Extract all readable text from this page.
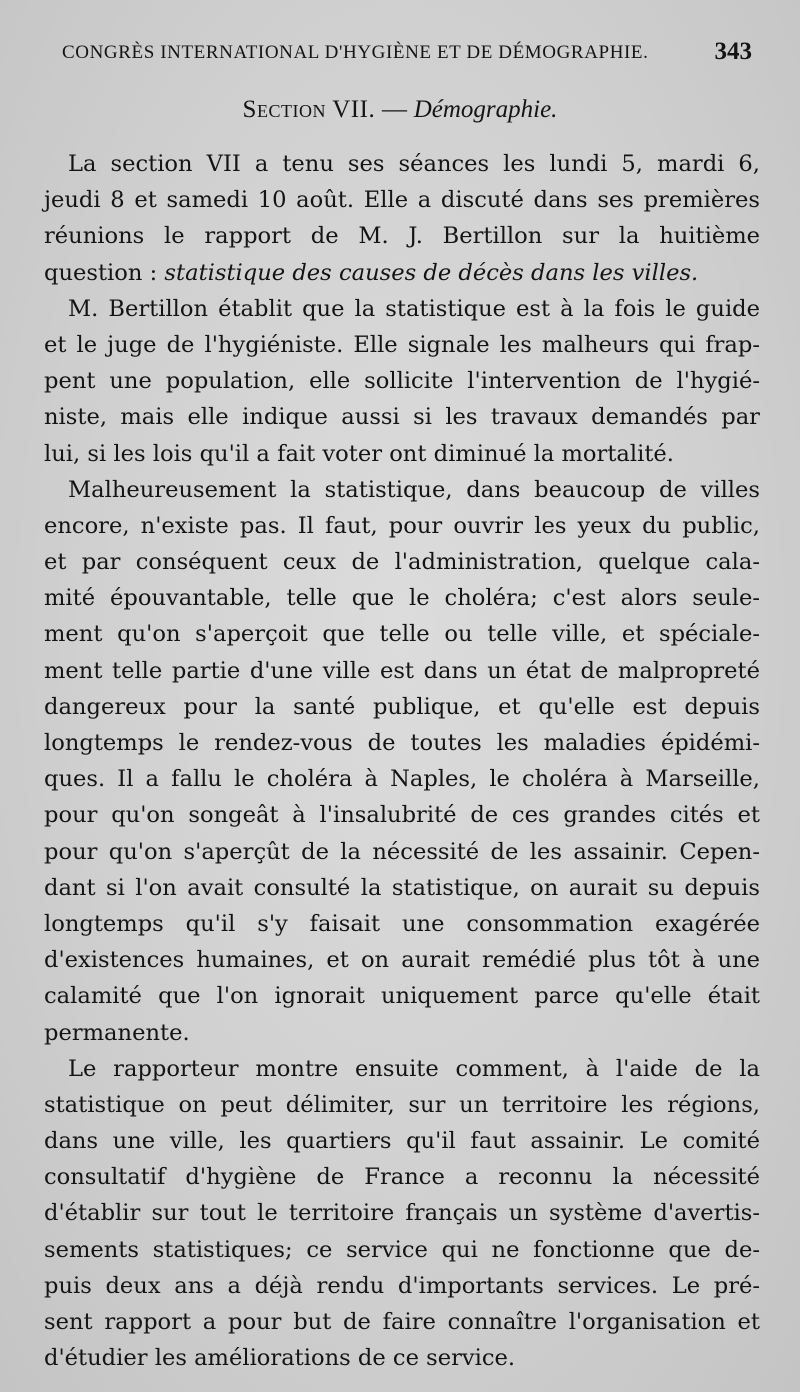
CONGRÈS INTERNATIONAL D'HYGIÈNE ET DE DÉMOGRAPHIE.	343
Section VII. — Démographie.
La section VII a tenu ses séances les lundi 5, mardi 6,
jeudi 8 et samedi 10 août. Elle a discuté dans ses premières
réunions le rapport de M. J. Bertillon sur la huitième
question : statistique des causes de décès dans les villes.
M. Bertillon établit que la statistique est à la fois le guide
et le juge de l'hygiéniste. Elle signale les malheurs qui frap-
pent une population, elle sollicite l'intervention de l'hygié-
niste, mais elle indique aussi si les travaux demandés par
lui, si les lois qu'il a fait voter ont diminué la mortalité.
Malheureusement la statistique, dans beaucoup de villes
encore, n'existe pas. Il faut, pour ouvrir les yeux du public,
et par conséquent ceux de l'administration, quelque cala-
mité épouvantable, telle que le choléra; c'est alors seule-
ment qu'on s'aperçoit que telle ou telle ville, et spéciale-
ment telle partie d'une ville est dans un état de malpropreté
dangereux pour la santé publique, et qu'elle est depuis
longtemps le rendez-vous de toutes les maladies épidémi-
ques. Il a fallu le choléra à Naples, le choléra à Marseille,
pour qu'on songeât à l'insalubrité de ces grandes cités et
pour qu'on s'aperçût de la nécessité de les assainir. Cepen-
dant si l'on avait consulté la statistique, on aurait su depuis
longtemps qu'il s'y faisait une consommation exagérée
d'existences humaines, et on aurait remédié plus tôt à une
calamité que l'on ignorait uniquement parce qu'elle était
permanente.
Le rapporteur montre ensuite comment, à l'aide de la
statistique on peut délimiter, sur un territoire les régions,
dans une ville, les quartiers qu'il faut assainir. Le comité
consultatif d'hygiène de France a reconnu la nécessité
d'établir sur tout le territoire français un système d'avertis-
sements statistiques; ce service qui ne fonctionne que de-
puis deux ans a déjà rendu d'importants services. Le pré-
sent rapport a pour but de faire connaître l'organisation et
d'étudier les améliorations de ce service.
